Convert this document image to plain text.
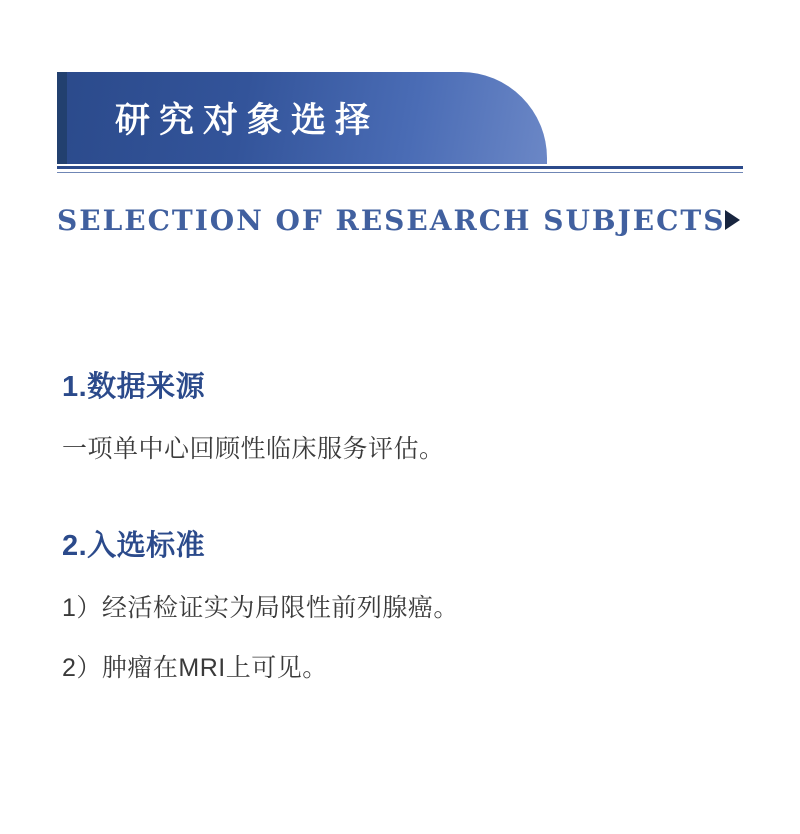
研究对象选择
SELECTION OF RESEARCH SUBJECTS
1.数据来源

一项单中心回顾性临床服务评估。

2.入选标准
1）经活检证实为局限性前列腺癌。
2）肿瘤在MRI上可见。
